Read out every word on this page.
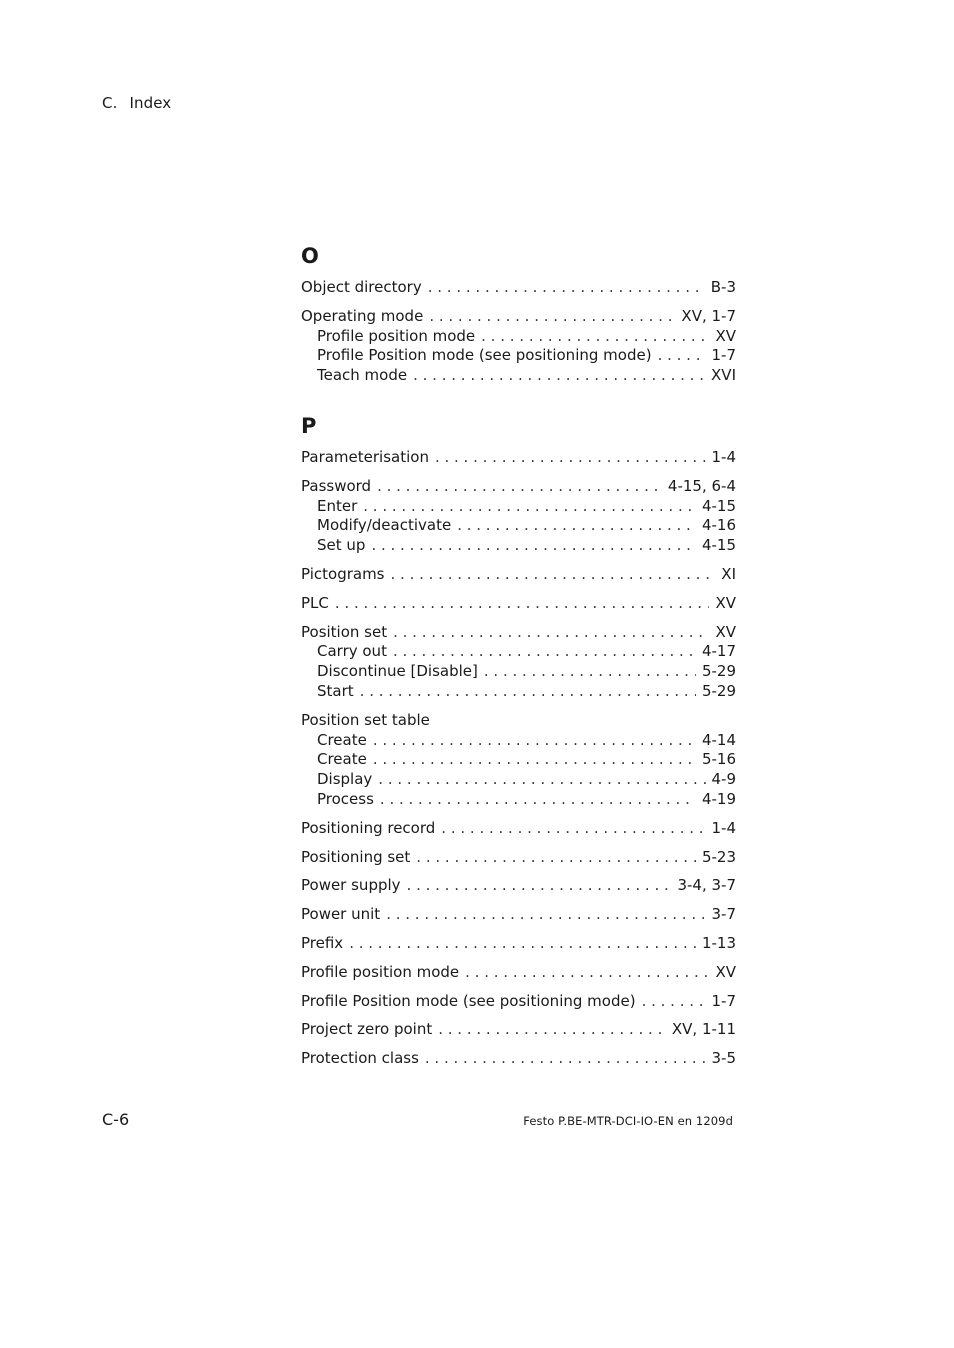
C. Index
O
Object directory . . .	B-3
Operating mode . . .	XV, 1-7
Profile position mode . . .	XV
Profile Position mode (see positioning mode) . . .	1-7
Teach mode . . .	XVI
P
Parameterisation . . .	1-4
Password . . .	4-15, 6-4
Enter . . .	4-15
Modify/deactivate . . .	4-16
Set up . . .	4-15
Pictograms . . .	XI
PLC . . .	XV
Position set . . .	XV
Carry out . . .	4-17
Discontinue [Disable] . . .	5-29
Start . . .	5-29
Position set table
Create . . .	4-14
Create . . .	5-16
Display . . .	4-9
Process . . .	4-19
Positioning record . . .	1-4
Positioning set . . .	5-23
Power supply . . .	3-4, 3-7
Power unit . . .	3-7
Prefix . . .	1-13
Profile position mode . . .	XV
Profile Position mode (see positioning mode) . . .	1-7
Project zero point . . .	XV, 1-11
Protection class . . .	3-5
C-6	Festo P.BE-MTR-DCI-IO-EN en 1209d
